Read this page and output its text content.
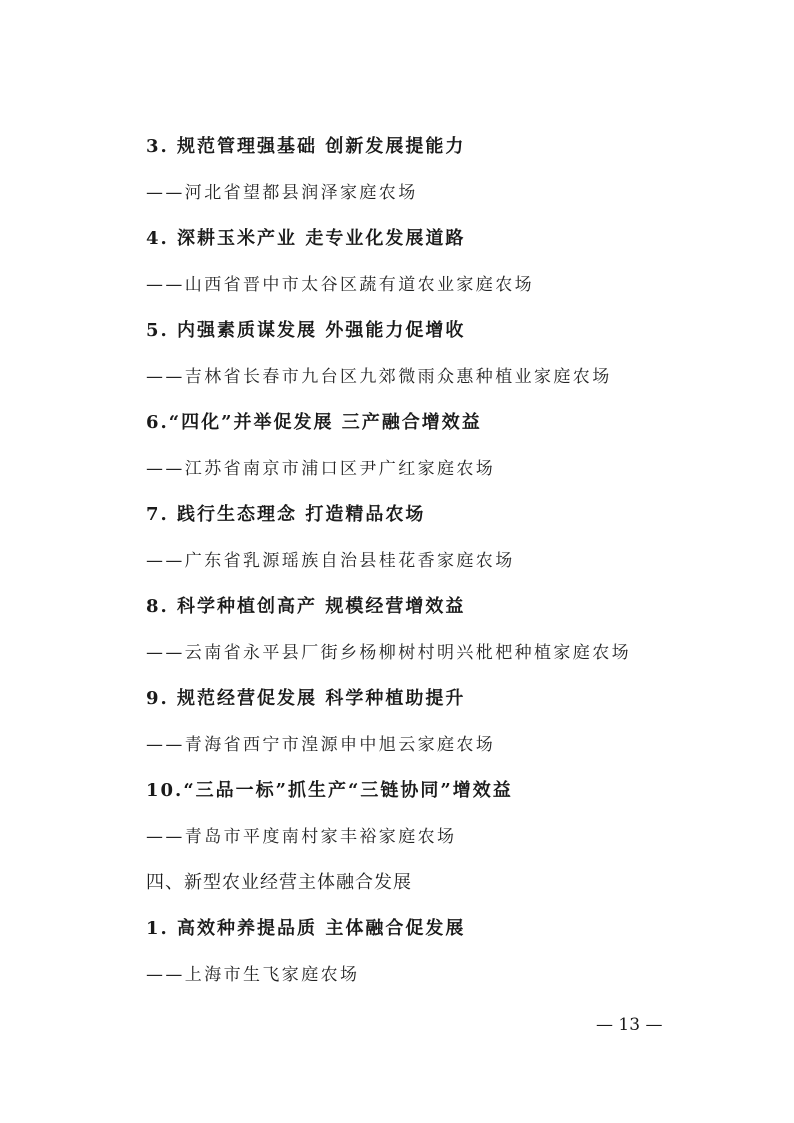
3. 规范管理强基础 创新发展提能力
——河北省望都县润泽家庭农场
4. 深耕玉米产业 走专业化发展道路
——山西省晋中市太谷区蔬有道农业家庭农场
5. 内强素质谋发展 外强能力促增收
——吉林省长春市九台区九郊微雨众惠种植业家庭农场
6.“四化”并举促发展 三产融合增效益
——江苏省南京市浦口区尹广红家庭农场
7. 践行生态理念 打造精品农场
——广东省乳源瑶族自治县桂花香家庭农场
8. 科学种植创高产 规模经营增效益
——云南省永平县厂街乡杨柳树村明兴枇杷种植家庭农场
9. 规范经营促发展 科学种植助提升
——青海省西宁市湟源申中旭云家庭农场
10.“三品一标”抓生产“三链协同”增效益
——青岛市平度南村家丰裕家庭农场
四、新型农业经营主体融合发展
1. 高效种养提品质 主体融合促发展
——上海市生飞家庭农场
— 13 —
